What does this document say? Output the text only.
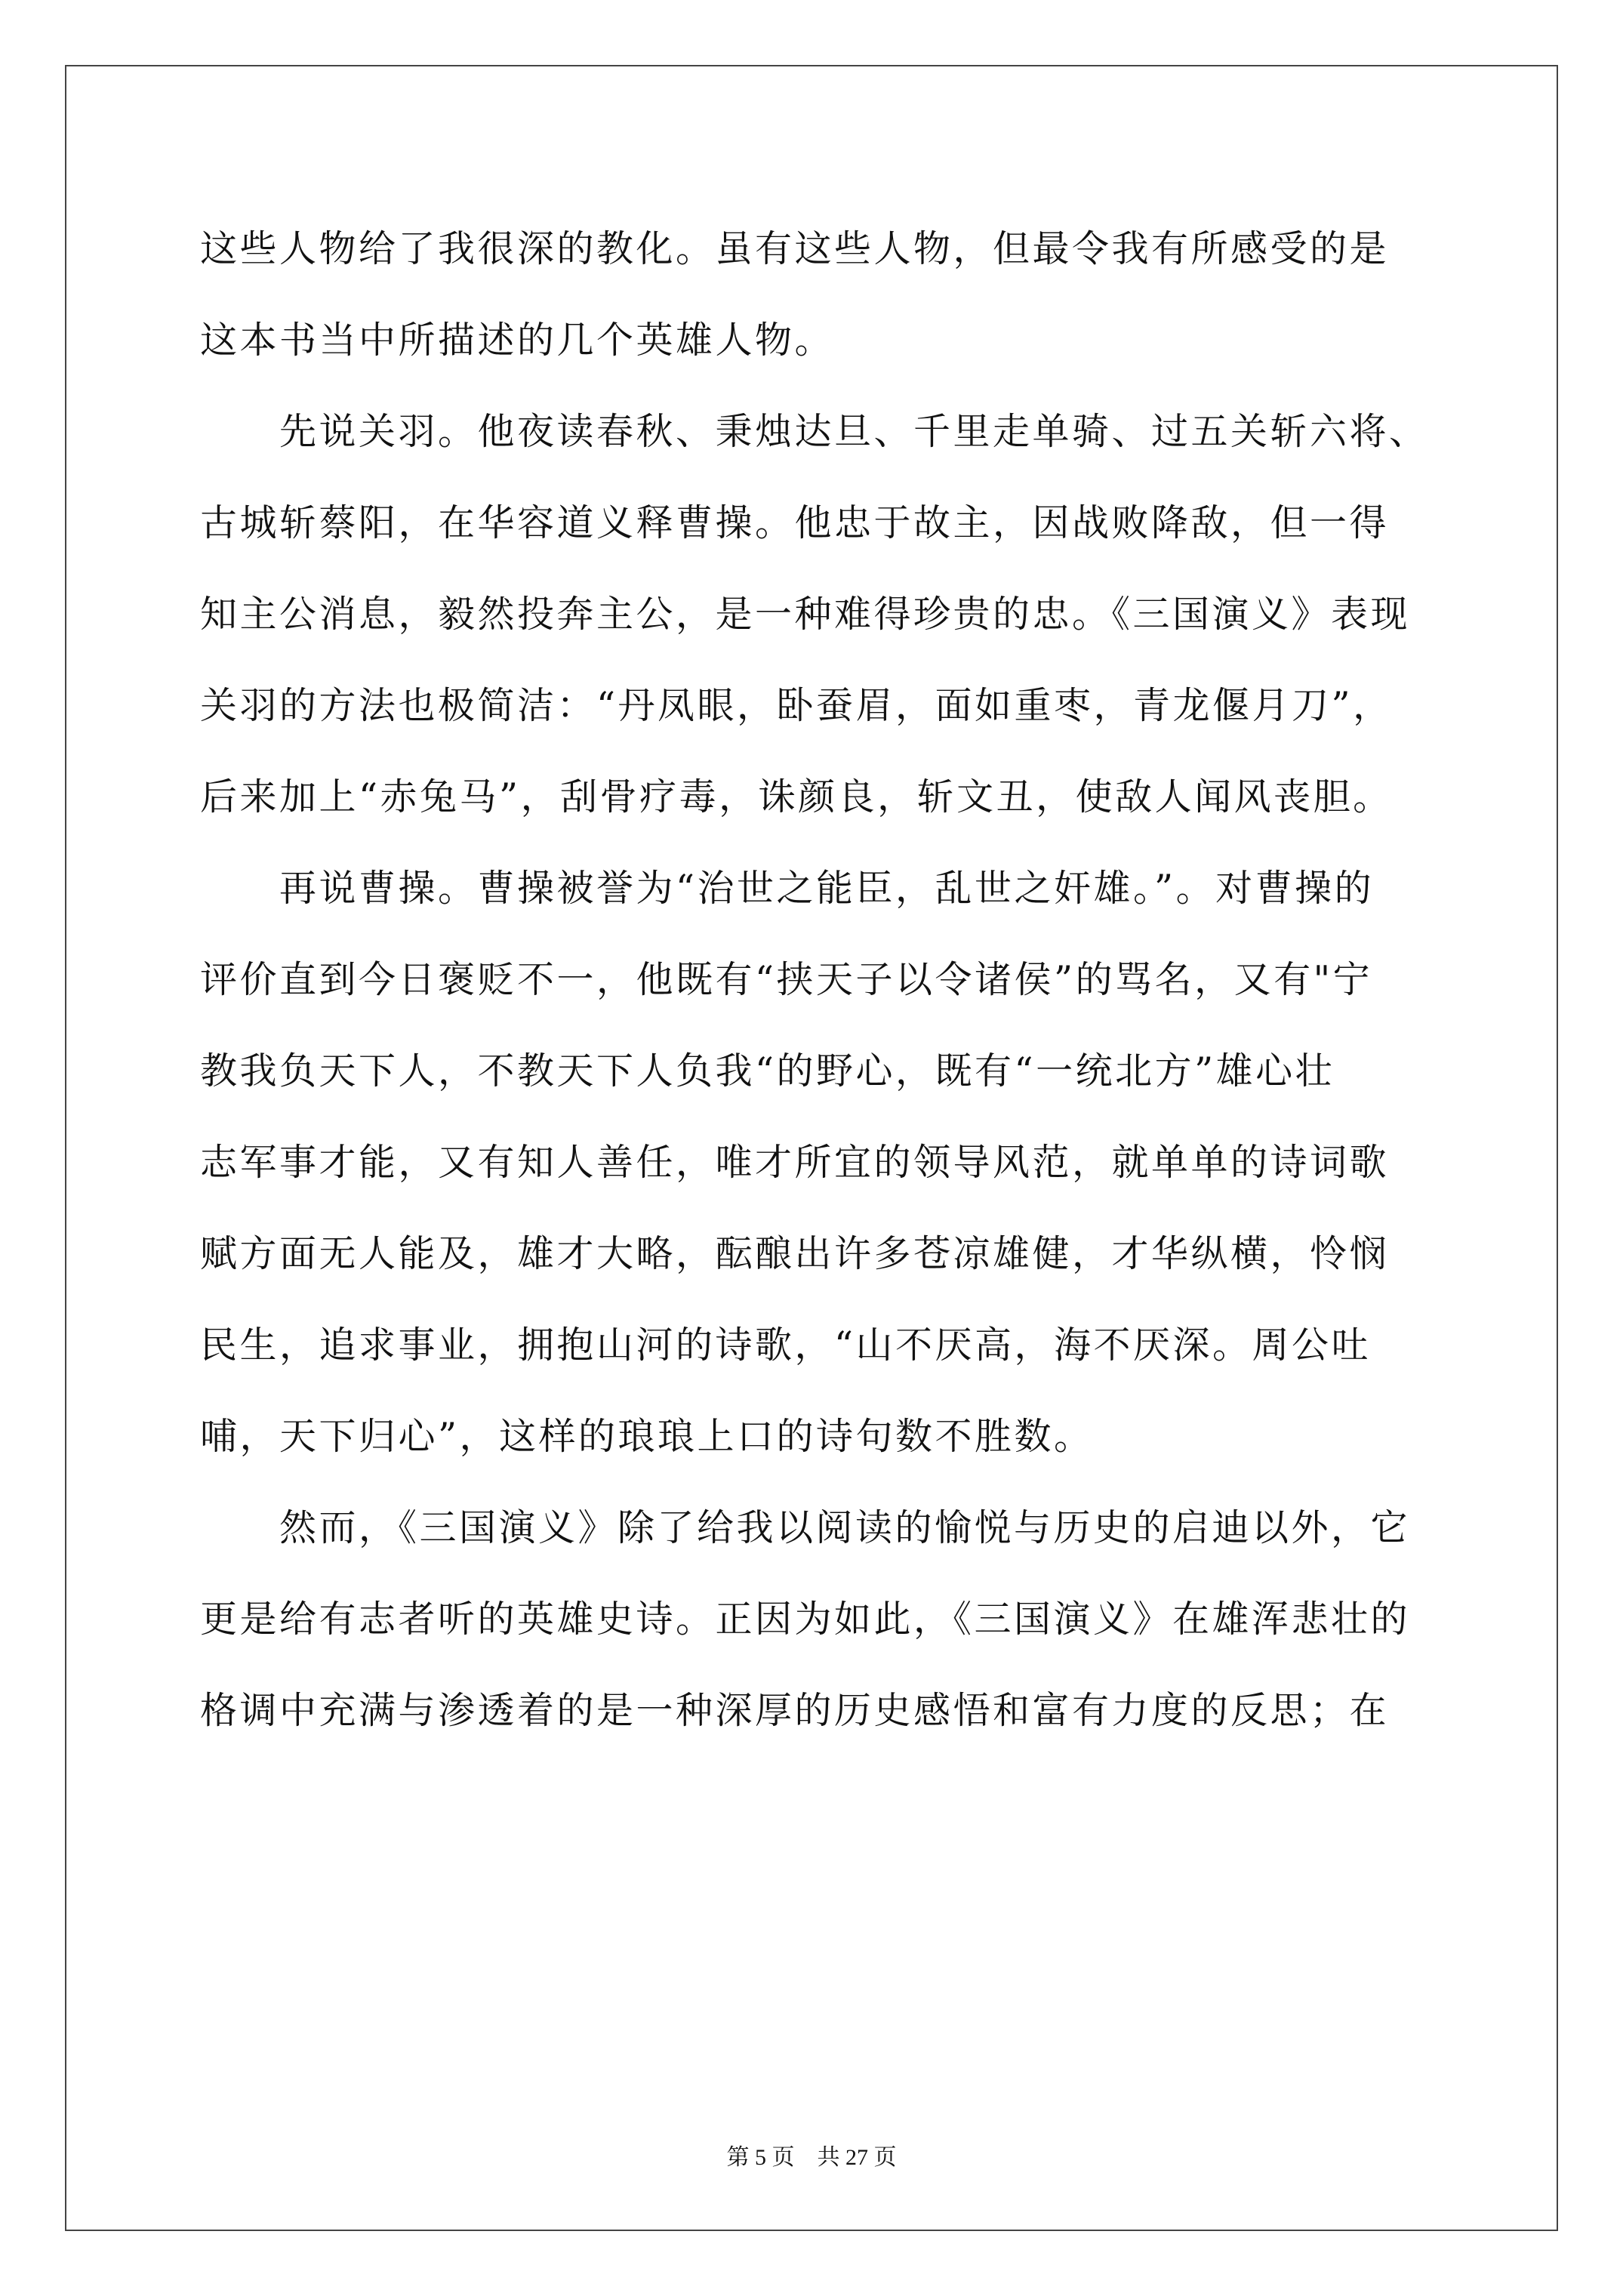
这些人物给了我很深的教化。虽有这些人物，但最令我有所感受的是
这本书当中所描述的几个英雄人物。
　　先说关羽。他夜读春秋、秉烛达旦、千里走单骑、过五关斩六将、
古城斩蔡阳，在华容道义释曹操。他忠于故主，因战败降敌，但一得
知主公消息，毅然投奔主公，是一种难得珍贵的忠。《三国演义》表现
关羽的方法也极简洁：“丹凤眼，卧蚕眉，面如重枣，青龙偃月刀”，
后来加上“赤兔马”，刮骨疗毒，诛颜良，斩文丑，使敌人闻风丧胆。
　　再说曹操。曹操被誉为“治世之能臣，乱世之奸雄。”。对曹操的
评价直到今日褒贬不一，他既有“挟天子以令诸侯”的骂名，又有"宁
教我负天下人，不教天下人负我“的野心，既有“一统北方”雄心壮
志军事才能，又有知人善任，唯才所宜的领导风范，就单单的诗词歌
赋方面无人能及，雄才大略，酝酿出许多苍凉雄健，才华纵横，怜悯
民生，追求事业，拥抱山河的诗歌，“山不厌高，海不厌深。周公吐
哺，天下归心”，这样的琅琅上口的诗句数不胜数。
　　然而，《三国演义》除了给我以阅读的愉悦与历史的启迪以外，它
更是给有志者听的英雄史诗。正因为如此，《三国演义》在雄浑悲壮的
格调中充满与渗透着的是一种深厚的历史感悟和富有力度的反思；在
第 5 页　共 27 页
